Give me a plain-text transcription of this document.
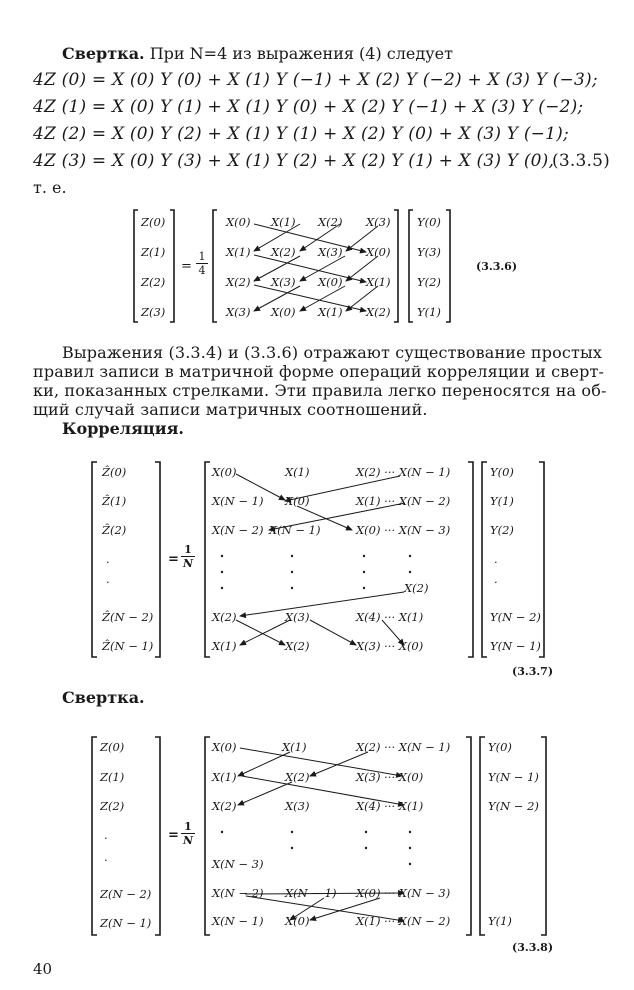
Свертка. При N=4 из выражения (4) следует
4Z (0) = X (0) Y (0) + X (1) Y (−1) + X (2) Y (−2) + X (3) Y (−3);
4Z (1) = X (0) Y (1) + X (1) Y (0) + X (2) Y (−1) + X (3) Y (−2);
4Z (2) = X (0) Y (2) + X (1) Y (1) + X (2) Y (0) + X (3) Y (−1);
4Z (3) = X (0) Y (3) + X (1) Y (2) + X (2) Y (1) + X (3) Y (0),
(3.3.5)
т. е.
Z(0)
Z(1)
Z(2)
Z(3)
= $\frac{1}{4}$
X(0) X(1) X(2) X(3)
X(1) X(2) X(3) X(0)
X(2) X(3) X(0) X(1)
X(3) X(0) X(1) X(2)
Y(0)
Y(3)
Y(2)
Y(1)
(3.3.6)
Выражения (3.3.4) и (3.3.6) отражают существование простых
правил записи в матричной форме операций корреляции и сверт-
ки, показанных стрелками. Эти правила легко переносятся на об-
щий случай записи матричных соотношений.
Корреляция.
Ẑ(0)
Ẑ(1)
Ẑ(2)
.
.
Ẑ(N − 2)
Ẑ(N − 1)
= $\frac{1}{N}$
X(0)	X(1)	X(2) ··· X(N − 1)
X(N − 1) X(0)	X(1) ··· X(N − 2)
X(N − 2) X(N − 1)	X(0) ··· X(N − 3)
X(2)
X(2)	X(3)	X(4) ··· X(1)
X(1)	X(2)	X(3) ··· X(0)
Y(0)
Y(1)
Y(2)
.
.
Y(N − 2)
Y(N − 1)
(3.3.7)
Свертка.
Z(0)
Z(1)
Z(2)
.
.
Z(N − 2)
Z(N − 1)
= $\frac{1}{N}$
X(0)	X(1)	X(2) ··· X(N − 1)
X(1)	X(2)	X(3) ··· X(0)
X(2)	X(3)	X(4) ··· X(1)
X(N − 3)
X(N − 2) X(N − 1) X(0) ··· X(N − 3)
X(N − 1) X(0)	X(1) ··· X(N − 2)
Y(0)
Y(N − 1)
Y(N − 2)
Y(1)
(3.3.8)
40
